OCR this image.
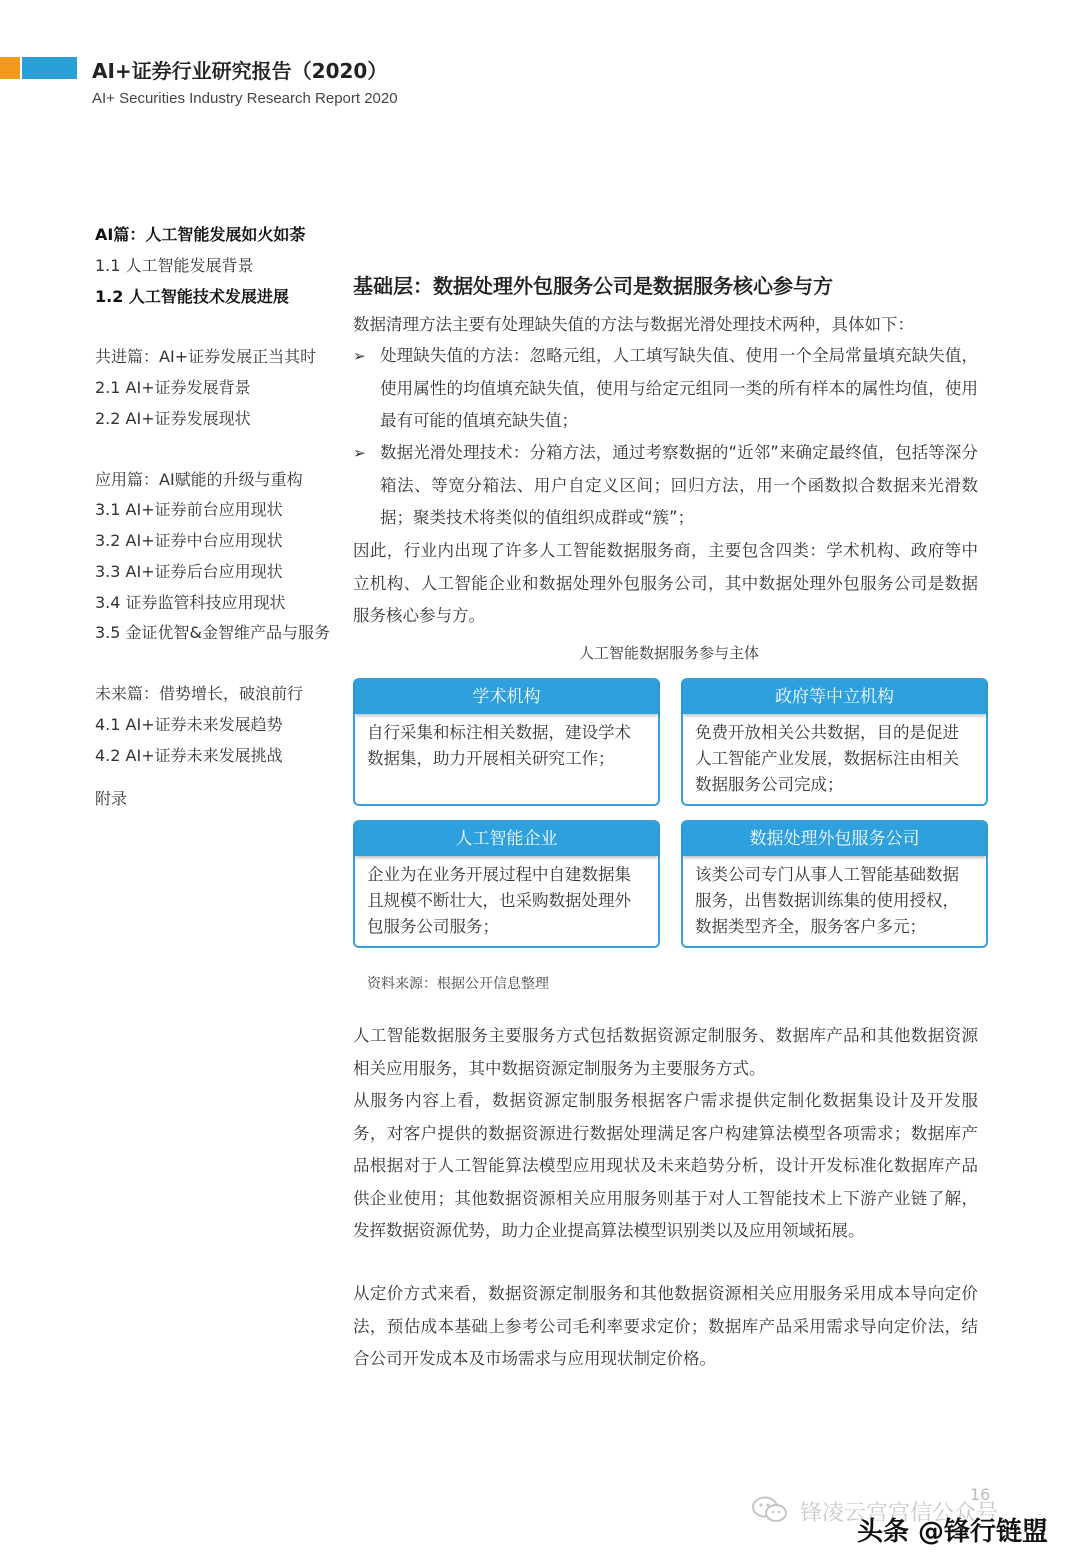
AI+证券行业研究报告（2020）
AI+ Securities Industry Research Report 2020
AI篇：人工智能发展如火如荼
1.1 人工智能发展背景
1.2 人工智能技术发展进展
共进篇：AI+证券发展正当其时
2.1 AI+证券发展背景
2.2 AI+证券发展现状
应用篇：AI赋能的升级与重构
3.1 AI+证券前台应用现状
3.2 AI+证券中台应用现状
3.3 AI+证券后台应用现状
3.4 证券监管科技应用现状
3.5 金证优智&金智维产品与服务
未来篇：借势增长，破浪前行
4.1 AI+证券未来发展趋势
4.2 AI+证券未来发展挑战
附录
基础层：数据处理外包服务公司是数据服务核心参与方
数据清理方法主要有处理缺失值的方法与数据光滑处理技术两种，具体如下：
➢ 处理缺失值的方法：忽略元组，人工填写缺失值、使用一个全局常量填充缺失值，使用属性的均值填充缺失值，使用与给定元组同一类的所有样本的属性均值，使用最有可能的值填充缺失值；
➢ 数据光滑处理技术：分箱方法，通过考察数据的“近邻”来确定最终值，包括等深分箱法、等宽分箱法、用户自定义区间；回归方法，用一个函数拟合数据来光滑数据；聚类技术将类似的值组织成群或“簇”；
因此，行业内出现了许多人工智能数据服务商，主要包含四类：学术机构、政府等中立机构、人工智能企业和数据处理外包服务公司，其中数据处理外包服务公司是数据服务核心参与方。
人工智能数据服务参与主体
学术机构
自行采集和标注相关数据，建设学术数据集，助力开展相关研究工作；
政府等中立机构
免费开放相关公共数据，目的是促进人工智能产业发展，数据标注由相关数据服务公司完成；
人工智能企业
企业为在业务开展过程中自建数据集且规模不断壮大，也采购数据处理外包服务公司服务；
数据处理外包服务公司
该类公司专门从事人工智能基础数据服务，出售数据训练集的使用授权，数据类型齐全，服务客户多元；
资料来源：根据公开信息整理
人工智能数据服务主要服务方式包括数据资源定制服务、数据库产品和其他数据资源相关应用服务，其中数据资源定制服务为主要服务方式。
从服务内容上看，数据资源定制服务根据客户需求提供定制化数据集设计及开发服务，对客户提供的数据资源进行数据处理满足客户构建算法模型各项需求；数据库产品根据对于人工智能算法模型应用现状及未来趋势分析，设计开发标准化数据库产品供企业使用；其他数据资源相关应用服务则基于对人工智能技术上下游产业链了解，发挥数据资源优势，助力企业提高算法模型识别类以及应用领域拓展。
从定价方式来看，数据资源定制服务和其他数据资源相关应用服务采用成本导向定价法，预估成本基础上参考公司毛利率要求定价；数据库产品采用需求导向定价法，结合公司开发成本及市场需求与应用现状制定价格。
16
锋凌云宫宫信公众号
头条 @锋行链盟
